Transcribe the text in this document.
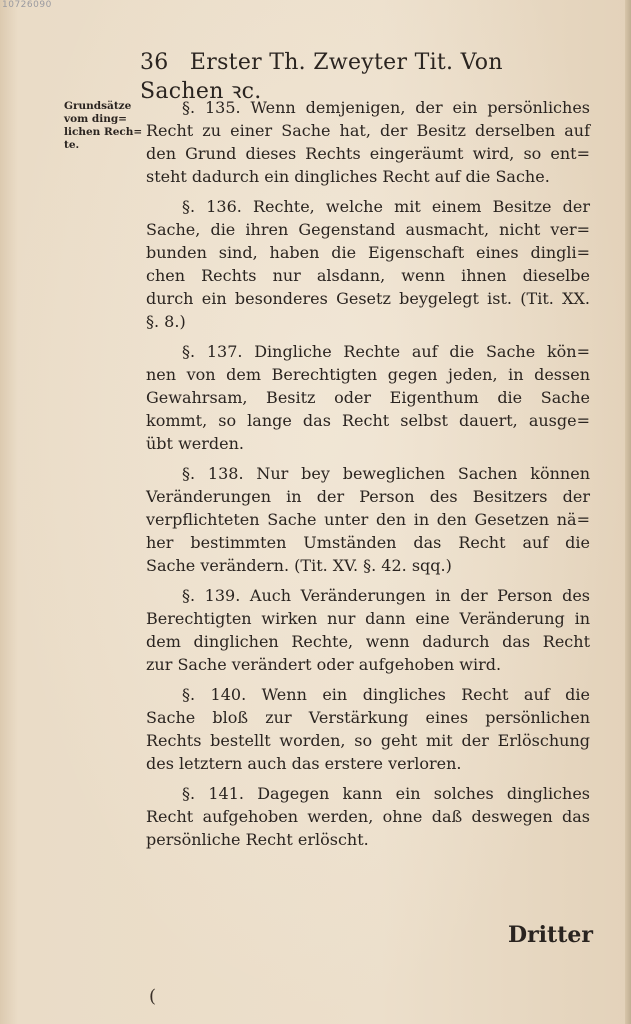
10726090
36 Erster Th. Zweyter Tit. Von Sachen ꝛc.
Grundsätze
vom ding=
lichen Rech=
te.
§. 135. Wenn demjenigen, der ein persönliches
Recht zu einer Sache hat, der Besitz derselben auf
den Grund dieses Rechts eingeräumt wird, so ent=
steht dadurch ein dingliches Recht auf die Sache.
§. 136. Rechte, welche mit einem Besitze der
Sache, die ihren Gegenstand ausmacht, nicht ver=
bunden sind, haben die Eigenschaft eines dingli=
chen Rechts nur alsdann, wenn ihnen dieselbe
durch ein besonderes Gesetz beygelegt ist. (Tit. XX.
§. 8.)
§. 137. Dingliche Rechte auf die Sache kön=
nen von dem Berechtigten gegen jeden, in dessen
Gewahrsam, Besitz oder Eigenthum die Sache
kommt, so lange das Recht selbst dauert, ausge=
übt werden.
§. 138. Nur bey beweglichen Sachen können
Veränderungen in der Person des Besitzers der
verpflichteten Sache unter den in den Gesetzen nä=
her bestimmten Umständen das Recht auf die
Sache verändern. (Tit. XV. §. 42. sqq.)
§. 139. Auch Veränderungen in der Person des
Berechtigten wirken nur dann eine Veränderung in
dem dinglichen Rechte, wenn dadurch das Recht
zur Sache verändert oder aufgehoben wird.
§. 140. Wenn ein dingliches Recht auf die
Sache bloß zur Verstärkung eines persönlichen
Rechts bestellt worden, so geht mit der Erlöschung
des letztern auch das erstere verloren.
§. 141. Dagegen kann ein solches dingliches
Recht aufgehoben werden, ohne daß deswegen das
persönliche Recht erlöscht.
Dritter
(
